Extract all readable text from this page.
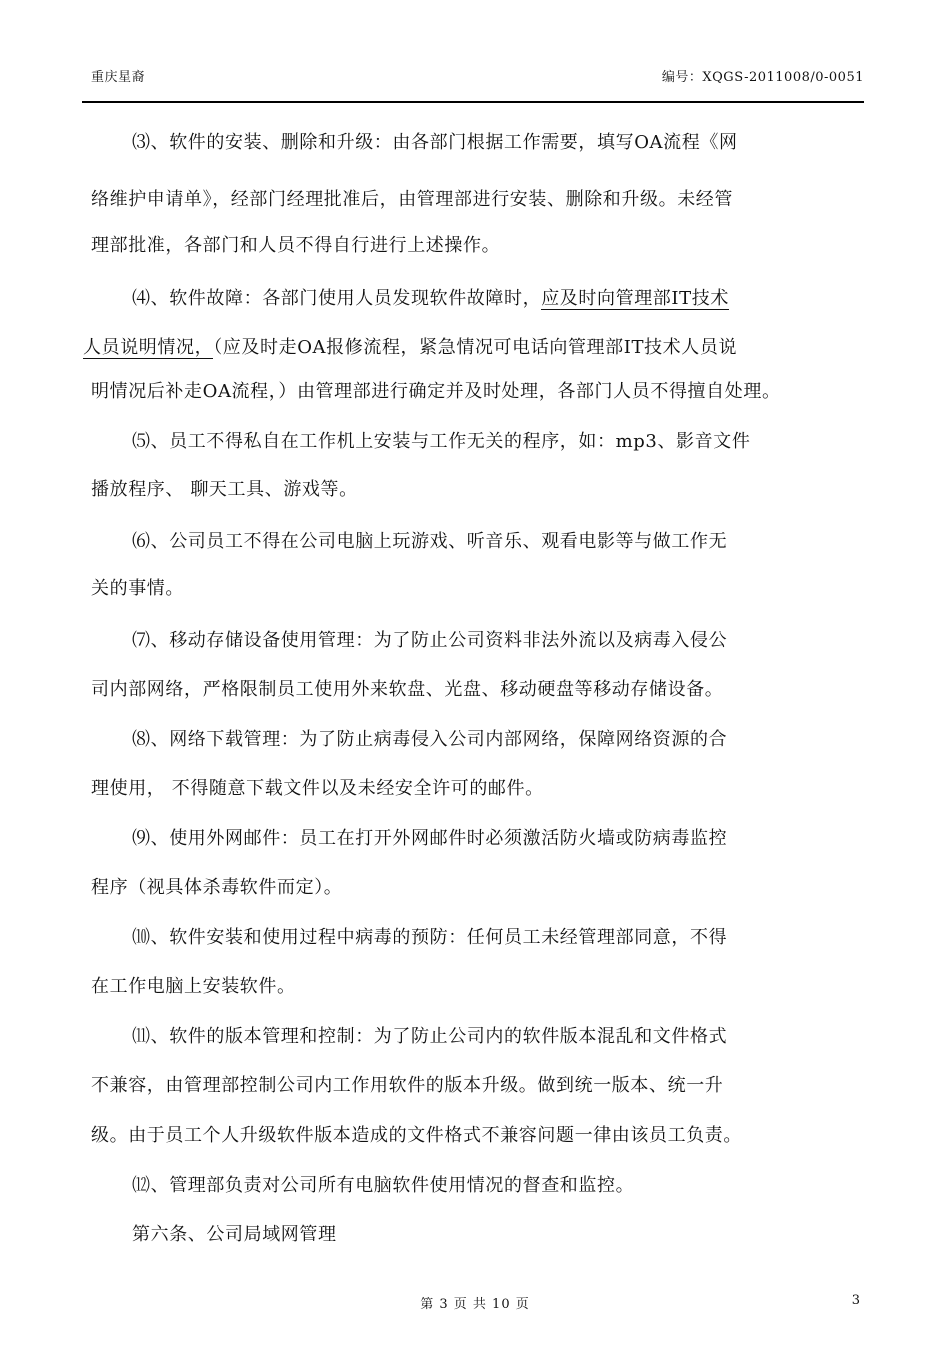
重庆星裔	编号：XQGS-2011008/0-0051
⑶、软件的安装、删除和升级：由各部门根据工作需要，填写OA流程《网
络维护申请单》，经部门经理批准后，由管理部进行安装、删除和升级。未经管
理部批准，各部门和人员不得自行进行上述操作。
⑷、软件故障：各部门使用人员发现软件故障时，应及时向管理部IT技术
人员说明情况，（应及时走OA报修流程，紧急情况可电话向管理部IT技术人员说
明情况后补走OA流程，）由管理部进行确定并及时处理，各部门人员不得擅自处理。
⑸、员工不得私自在工作机上安装与工作无关的程序，如：mp3、影音文件
播放程序、 聊天工具、游戏等。
⑹、公司员工不得在公司电脑上玩游戏、听音乐、观看电影等与做工作无
关的事情。
⑺、移动存储设备使用管理：为了防止公司资料非法外流以及病毒入侵公
司内部网络，严格限制员工使用外来软盘、光盘、移动硬盘等移动存储设备。
⑻、网络下载管理：为了防止病毒侵入公司内部网络，保障网络资源的合
理使用， 不得随意下载文件以及未经安全许可的邮件。
⑼、使用外网邮件：员工在打开外网邮件时必须激活防火墙或防病毒监控
程序（视具体杀毒软件而定）。
⑽、软件安装和使用过程中病毒的预防：任何员工未经管理部同意，不得
在工作电脑上安装软件。
⑾、软件的版本管理和控制：为了防止公司内的软件版本混乱和文件格式
不兼容，由管理部控制公司内工作用软件的版本升级。做到统一版本、统一升
级。由于员工个人升级软件版本造成的文件格式不兼容问题一律由该员工负责。
⑿、管理部负责对公司所有电脑软件使用情况的督查和监控。
第六条、公司局域网管理
第 3 页 共 10 页	3
